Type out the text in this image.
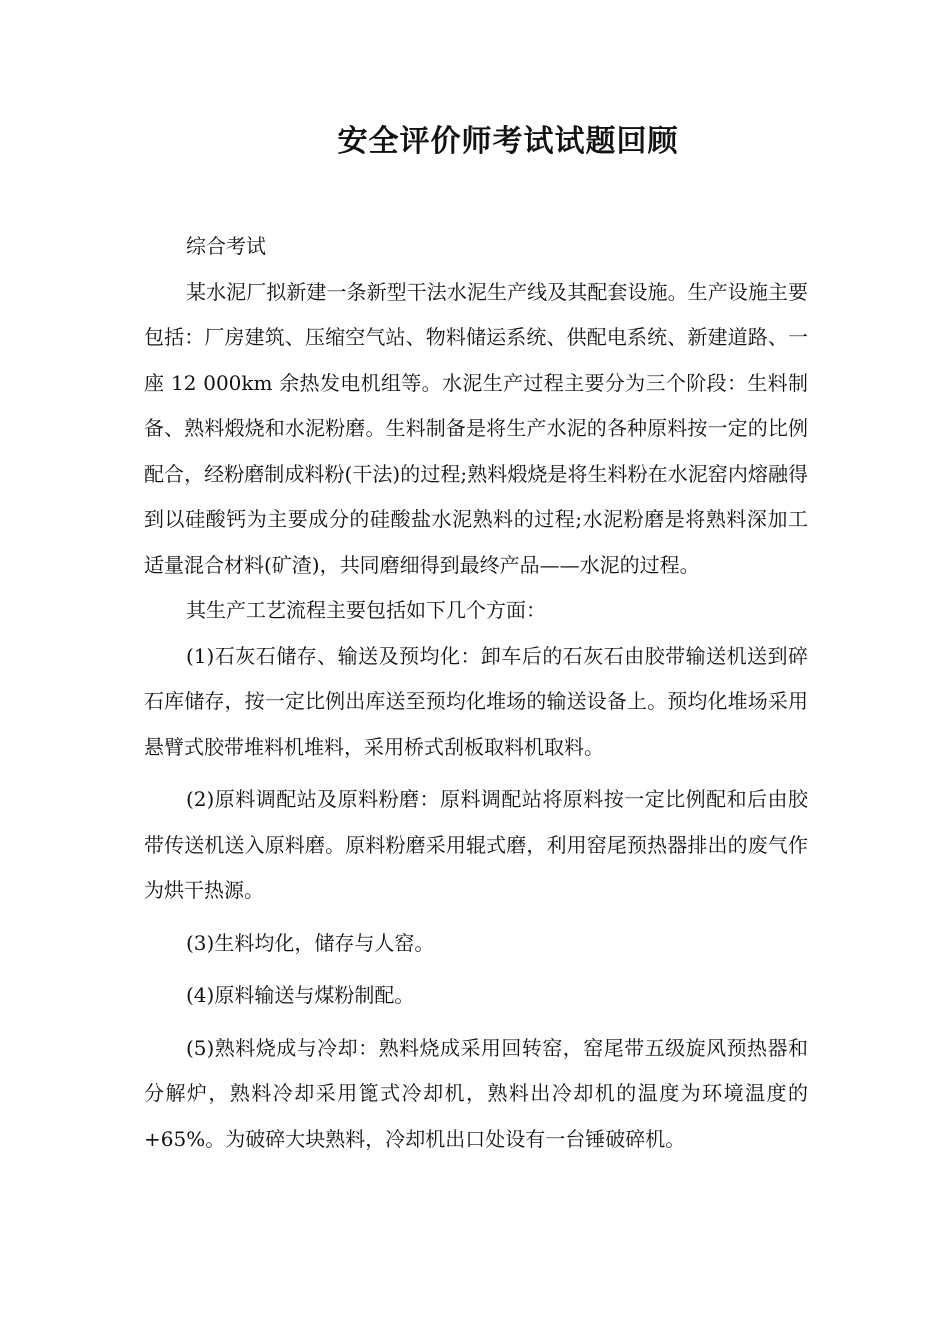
安全评价师考试试题回顾

综合考试

某水泥厂拟新建一条新型干法水泥生产线及其配套设施。生产设施主要包括：厂房建筑、压缩空气站、物料储运系统、供配电系统、新建道路、一座 12 000km 余热发电机组等。水泥生产过程主要分为三个阶段：生料制备、熟料煅烧和水泥粉磨。生料制备是将生产水泥的各种原料按一定的比例配合，经粉磨制成料粉(干法)的过程;熟料煅烧是将生料粉在水泥窑内熔融得到以硅酸钙为主要成分的硅酸盐水泥熟料的过程;水泥粉磨是将熟料深加工适量混合材料(矿渣)，共同磨细得到最终产品——水泥的过程。

其生产工艺流程主要包括如下几个方面：

(1)石灰石储存、输送及预均化：卸车后的石灰石由胶带输送机送到碎石库储存，按一定比例出库送至预均化堆场的输送设备上。预均化堆场采用悬臂式胶带堆料机堆料，采用桥式刮板取料机取料。

(2)原料调配站及原料粉磨：原料调配站将原料按一定比例配和后由胶带传送机送入原料磨。原料粉磨采用辊式磨，利用窑尾预热器排出的废气作为烘干热源。

(3)生料均化，储存与人窑。

(4)原料输送与煤粉制配。

(5)熟料烧成与冷却：熟料烧成采用回转窑，窑尾带五级旋风预热器和分解炉，熟料冷却采用篦式冷却机，熟料出冷却机的温度为环境温度的+65%。为破碎大块熟料，冷却机出口处设有一台锤破碎机。
